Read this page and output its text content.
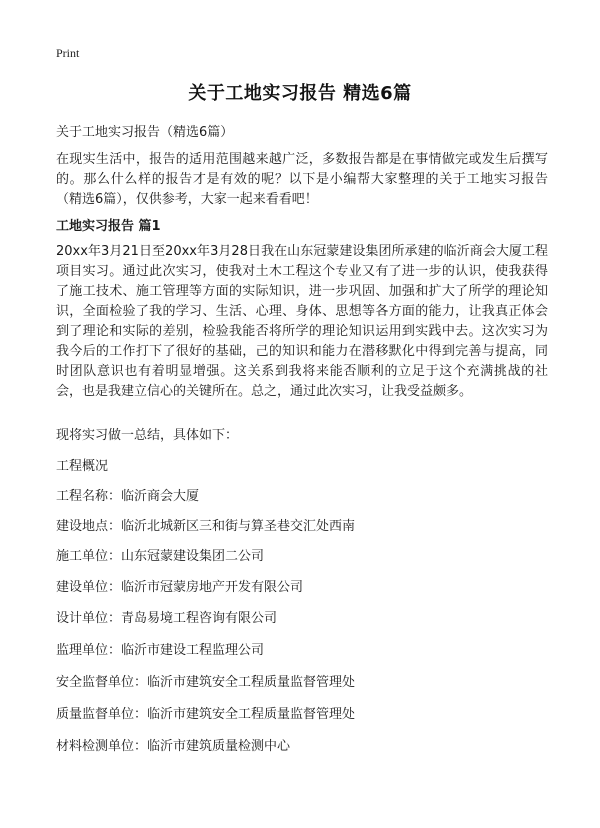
Print
关于工地实习报告 精选6篇
关于工地实习报告（精选6篇）
在现实生活中，报告的适用范围越来越广泛，多数报告都是在事情做完或发生后撰写的。那么什么样的报告才是有效的呢？以下是小编帮大家整理的关于工地实习报告（精选6篇），仅供参考，大家一起来看看吧！
工地实习报告 篇1
20xx年3月21日至20xx年3月28日我在山东冠蒙建设集团所承建的临沂商会大厦工程项目实习。通过此次实习，使我对土木工程这个专业又有了进一步的认识，使我获得了施工技术、施工管理等方面的实际知识，进一步巩固、加强和扩大了所学的理论知识，全面检验了我的学习、生活、心理、身体、思想等各方面的能力，让我真正体会到了理论和实际的差别，检验我能否将所学的理论知识运用到实践中去。这次实习为我今后的工作打下了很好的基础，己的知识和能力在潜移默化中得到完善与提高，同时团队意识也有着明显增强。这关系到我将来能否顺利的立足于这个充满挑战的社会，也是我建立信心的关键所在。总之，通过此次实习，让我受益颇多。
现将实习做一总结，具体如下：
工程概况
工程名称：临沂商会大厦
建设地点：临沂北城新区三和街与算圣巷交汇处西南
施工单位：山东冠蒙建设集团二公司
建设单位：临沂市冠蒙房地产开发有限公司
设计单位：青岛易境工程咨询有限公司
监理单位：临沂市建设工程监理公司
安全监督单位：临沂市建筑安全工程质量监督管理处
质量监督单位：临沂市建筑安全工程质量监督管理处
材料检测单位：临沂市建筑质量检测中心
